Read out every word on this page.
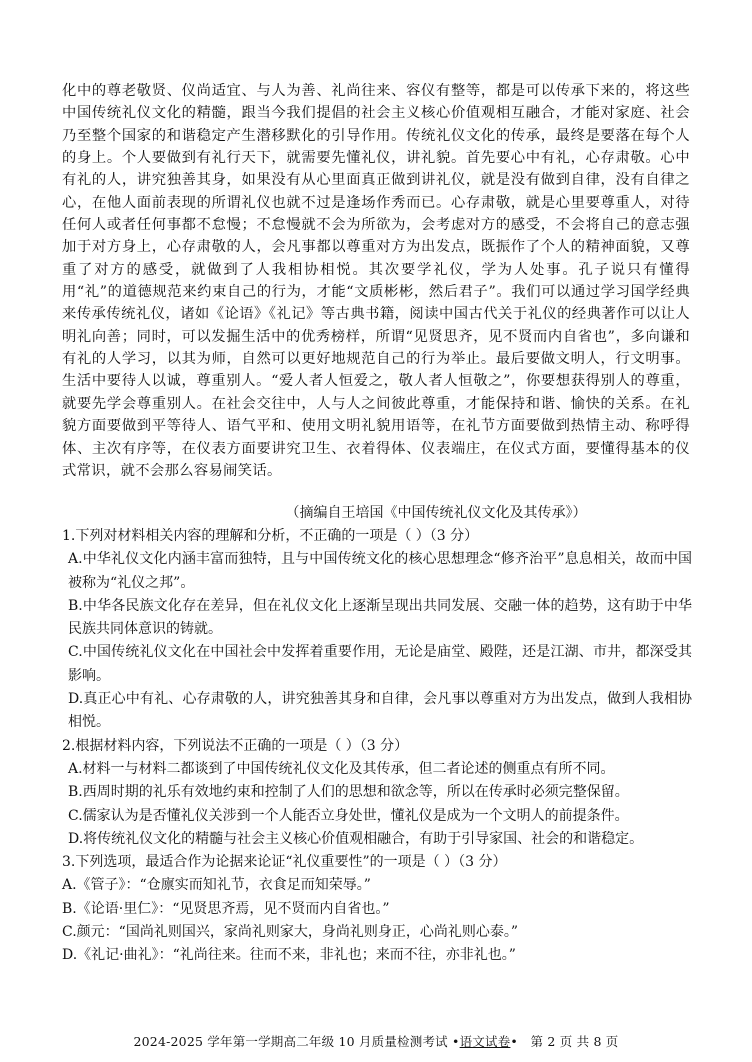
化中的尊老敬贤、仪尚适宜、与人为善、礼尚往来、容仪有整等，都是可以传承下来的，将这些中国传统礼仪文化的精髓，跟当今我们提倡的社会主义核心价值观相互融合，才能对家庭、社会乃至整个国家的和谐稳定产生潜移默化的引导作用。传统礼仪文化的传承，最终是要落在每个人的身上。个人要做到有礼行天下，就需要先懂礼仪，讲礼貌。首先要心中有礼，心存肃敬。心中有礼的人，讲究独善其身，如果没有从心里面真正做到讲礼仪，就是没有做到自律，没有自律之心，在他人面前表现的所谓礼仪也就不过是逢场作秀而已。心存肃敬，就是心里要尊重人，对待任何人或者任何事都不怠慢；不怠慢就不会为所欲为，会考虑对方的感受，不会将自己的意志强加于对方身上，心存肃敬的人，会凡事都以尊重对方为出发点，既振作了个人的精神面貌，又尊重了对方的感受，就做到了人我相协相悦。其次要学礼仪，学为人处事。孔子说只有懂得用“礼”的道德规范来约束自己的行为，才能“文质彬彬，然后君子”。我们可以通过学习国学经典来传承传统礼仪，诸如《论语》《礼记》等古典书籍，阅读中国古代关于礼仪的经典著作可以让人明礼向善；同时，可以发掘生活中的优秀榜样，所谓“见贤思齐，见不贤而内自省也”，多向谦和有礼的人学习，以其为师，自然可以更好地规范自己的行为举止。最后要做文明人，行文明事。生活中要待人以诚，尊重别人。“爱人者人恒爱之，敬人者人恒敬之”，你要想获得别人的尊重，就要先学会尊重别人。在社会交往中，人与人之间彼此尊重，才能保持和谐、愉快的关系。在礼貌方面要做到平等待人、语气平和、使用文明礼貌用语等，在礼节方面要做到热情主动、称呼得体、主次有序等，在仪表方面要讲究卫生、衣着得体、仪表端庄，在仪式方面，要懂得基本的仪式常识，就不会那么容易闹笑话。

（摘编自王培国《中国传统礼仪文化及其传承》）

1.下列对材料相关内容的理解和分析，不正确的一项是（ ）（3 分）

A.中华礼仪文化内涵丰富而独特，且与中国传统文化的核心思想理念“修齐治平”息息相关，故而中国被称为“礼仪之邦”。

B.中华各民族文化存在差异，但在礼仪文化上逐渐呈现出共同发展、交融一体的趋势，这有助于中华民族共同体意识的铸就。

C.中国传统礼仪文化在中国社会中发挥着重要作用，无论是庙堂、殿陛，还是江湖、市井，都深受其影响。

D.真正心中有礼、心存肃敬的人，讲究独善其身和自律，会凡事以尊重对方为出发点，做到人我相协相悦。

2.根据材料内容，下列说法不正确的一项是（ ）（3 分）

A.材料一与材料二都谈到了中国传统礼仪文化及其传承，但二者论述的侧重点有所不同。

B.西周时期的礼乐有效地约束和控制了人们的思想和欲念等，所以在传承时必须完整保留。

C.儒家认为是否懂礼仪关涉到一个人能否立身处世，懂礼仪是成为一个文明人的前提条件。

D.将传统礼仪文化的精髓与社会主义核心价值观相融合，有助于引导家国、社会的和谐稳定。

3.下列选项，最适合作为论据来论证“礼仪重要性”的一项是（ ）（3 分）

A.《管子》：“仓廪实而知礼节，衣食足而知荣辱。”

B.《论语·里仁》：“见贤思齐焉，见不贤而内自省也。”

C.颜元：“国尚礼则国兴，家尚礼则家大，身尚礼则身正，心尚礼则心泰。”

D.《礼记·曲礼》：“礼尚往来。往而不来，非礼也；来而不往，亦非礼也。”

2024-2025 学年第一学期高二年级 10 月质量检测考试 •语文试卷• 第 2 页 共 8 页
